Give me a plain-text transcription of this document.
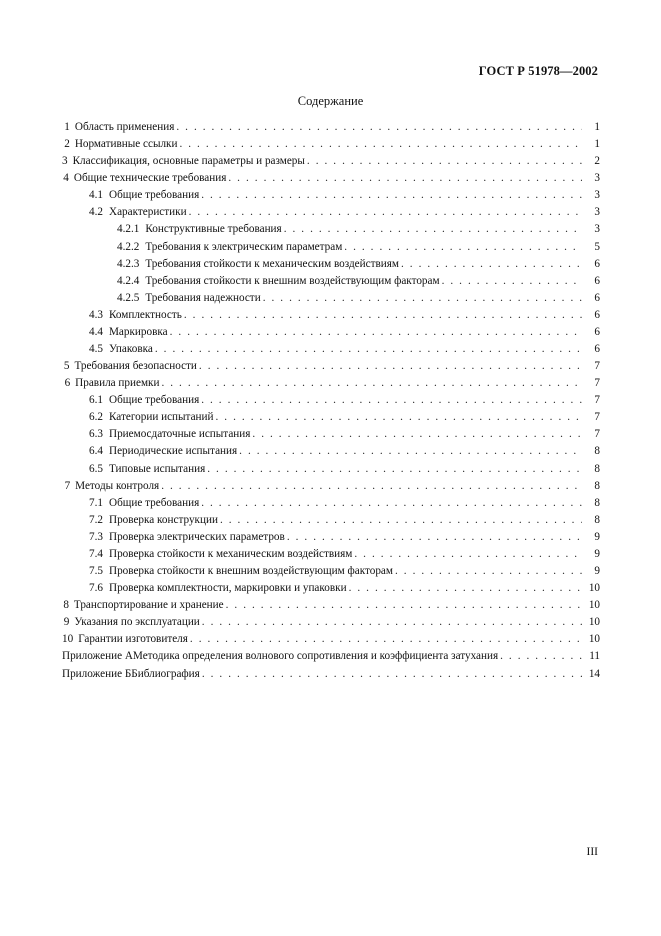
ГОСТ Р 51978—2002
Содержание
1 Область применения . . .	1
2 Нормативные ссылки . . .	1
3 Классификация, основные параметры и размеры . . .	2
4 Общие технические требования . . .	3
4.1 Общие требования . . .	3
4.2 Характеристики . . .	3
4.2.1 Конструктивные требования . . .	3
4.2.2 Требования к электрическим параметрам . . .	5
4.2.3 Требования стойкости к механическим воздействиям . . .	6
4.2.4 Требования стойкости к внешним воздействующим факторам . . .	6
4.2.5 Требования надежности . . .	6
4.3 Комплектность . . .	6
4.4 Маркировка . . .	6
4.5 Упаковка . . .	6
5 Требования безопасности . . .	7
6 Правила приемки . . .	7
6.1 Общие требования . . .	7
6.2 Категории испытаний . . .	7
6.3 Приемосдаточные испытания . . .	7
6.4 Периодические испытания . . .	8
6.5 Типовые испытания . . .	8
7 Методы контроля . . .	8
7.1 Общие требования . . .	8
7.2 Проверка конструкции . . .	8
7.3 Проверка электрических параметров . . .	9
7.4 Проверка стойкости к механическим воздействиям . . .	9
7.5 Проверка стойкости к внешним воздействующим факторам . . .	9
7.6 Проверка комплектности, маркировки и упаковки . . .	10
8 Транспортирование и хранение . . .	10
9 Указания по эксплуатации . . .	10
10 Гарантии изготовителя . . .	10
Приложение А Методика определения волнового сопротивления и коэффициента затухания . . .	11
Приложение Б Библиография . . .	14
III
